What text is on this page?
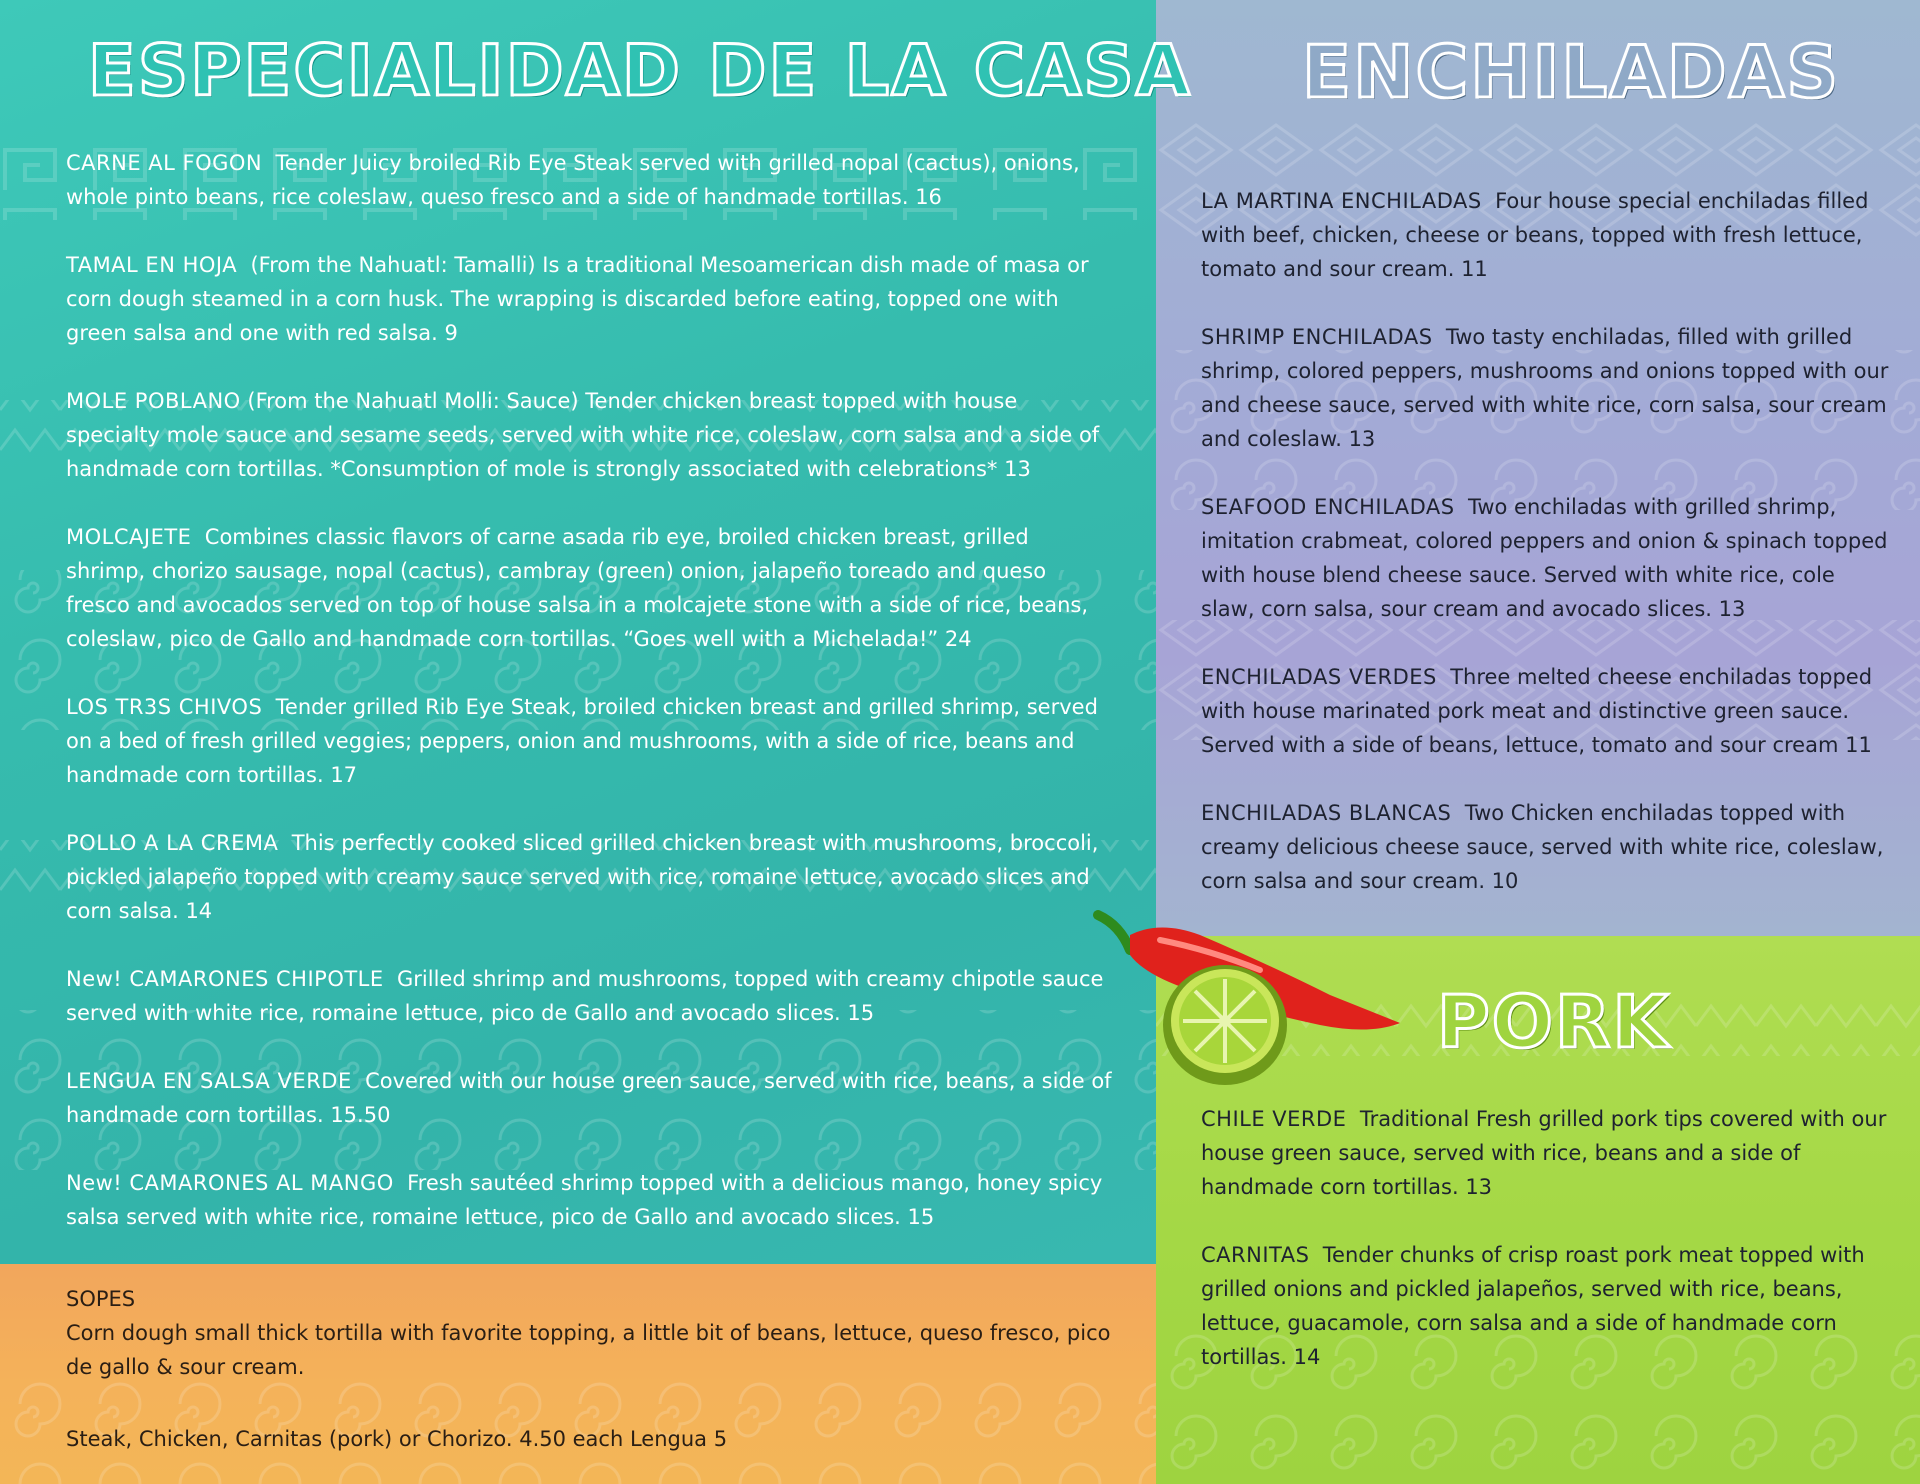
ESPECIALIDAD DE LA CASA ENCHILADAS
PORK

CARNE AL FOGON Tender Juicy broiled Rib Eye Steak served with grilled nopal (cactus), onions, whole pinto beans, rice coleslaw, queso fresco and a side of handmade tortillas. 16

TAMAL EN HOJA (From the Nahuatl: Tamalli) Is a traditional Mesoamerican dish made of masa or corn dough steamed in a corn husk. The wrapping is discarded before eating, topped one with green salsa and one with red salsa. 9

MOLE POBLANO (From the Nahuatl Molli: Sauce) Tender chicken breast topped with house specialty mole sauce and sesame seeds, served with white rice, coleslaw, corn salsa and a side of handmade corn tortillas. *Consumption of mole is strongly associated with celebrations* 13

MOLCAJETE Combines classic flavors of carne asada rib eye, broiled chicken breast, grilled shrimp, chorizo sausage, nopal (cactus), cambray (green) onion, jalapeño toreado and queso fresco and avocados served on top of house salsa in a molcajete stone with a side of rice, beans, coleslaw, pico de Gallo and handmade corn tortillas. “Goes well with a Michelada!” 24

LOS TR3S CHIVOS Tender grilled Rib Eye Steak, broiled chicken breast and grilled shrimp, served on a bed of fresh grilled veggies; peppers, onion and mushrooms, with a side of rice, beans and handmade corn tortillas. 17

POLLO A LA CREMA This perfectly cooked sliced grilled chicken breast with mushrooms, broccoli, pickled jalapeño topped with creamy sauce served with rice, romaine lettuce, avocado slices and corn salsa. 14

New! CAMARONES CHIPOTLE Grilled shrimp and mushrooms, topped with creamy chipotle sauce served with white rice, romaine lettuce, pico de Gallo and avocado slices. 15

LENGUA EN SALSA VERDE Covered with our house green sauce, served with rice, beans, a side of handmade corn tortillas. 15.50

New! CAMARONES AL MANGO Fresh sautéed shrimp topped with a delicious mango, honey spicy salsa served with white rice, romaine lettuce, pico de Gallo and avocado slices. 15

SOPES

Corn dough small thick tortilla with favorite topping, a little bit of beans, lettuce, queso fresco, pico de gallo & sour cream.

Steak, Chicken, Carnitas (pork) or Chorizo. 4.50 each Lengua 5

LA MARTINA ENCHILADAS Four house special enchiladas filled with beef, chicken, cheese or beans, topped with fresh lettuce, tomato and sour cream. 11

SHRIMP ENCHILADAS Two tasty enchiladas, filled with grilled shrimp, colored peppers, mushrooms and onions topped with our and cheese sauce, served with white rice, corn salsa, sour cream and coleslaw. 13

SEAFOOD ENCHILADAS Two enchiladas with grilled shrimp, imitation crabmeat, colored peppers and onion & spinach topped with house blend cheese sauce. Served with white rice, cole slaw, corn salsa, sour cream and avocado slices. 13

ENCHILADAS VERDES Three melted cheese enchiladas topped with house marinated pork meat and distinctive green sauce. Served with a side of beans, lettuce, tomato and sour cream 11

ENCHILADAS BLANCAS Two Chicken enchiladas topped with creamy delicious cheese sauce, served with white rice, coleslaw, corn salsa and sour cream. 10

CHILE VERDE Traditional Fresh grilled pork tips covered with our house green sauce, served with rice, beans and a side of handmade corn tortillas. 13

CARNITAS Tender chunks of crisp roast pork meat topped with grilled onions and pickled jalapeños, served with rice, beans, lettuce, guacamole, corn salsa and a side of handmade corn tortillas. 14
